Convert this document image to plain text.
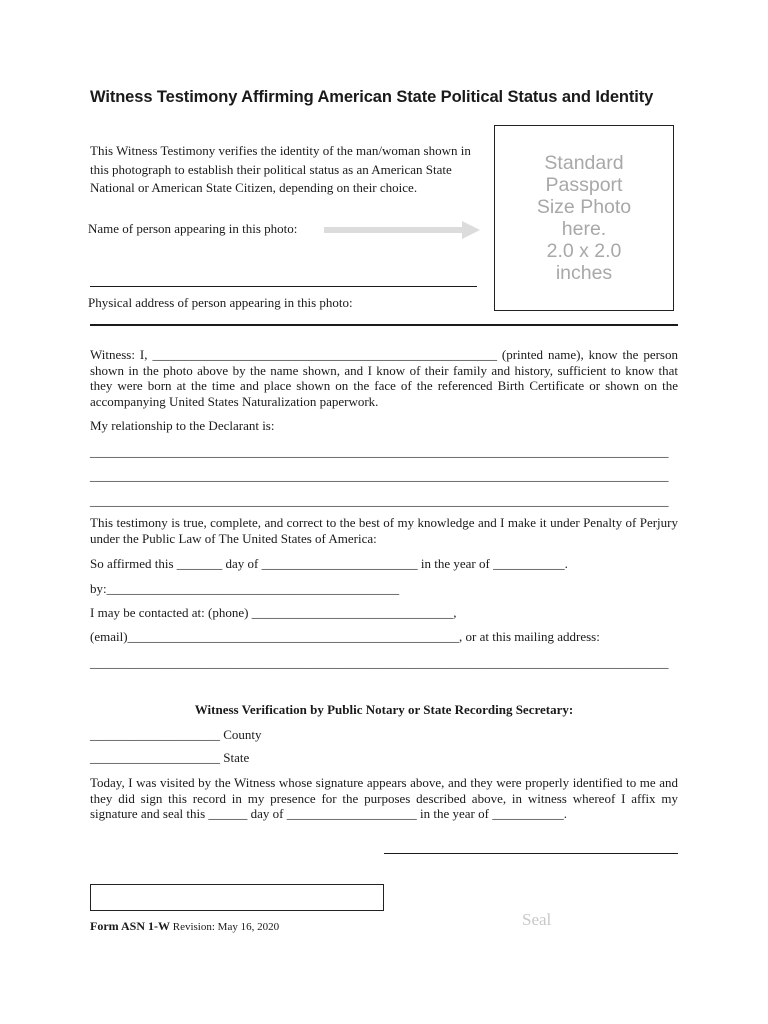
Witness Testimony Affirming American State Political Status and Identity
This Witness Testimony verifies the identity of the man/woman shown in this photograph to establish their political status as an American State National or American State Citizen, depending on their choice.
Name of person appearing in this photo:
Physical address of person appearing in this photo:
Standard
Passport
Size Photo
here.
2.0 x 2.0
inches
Witness: I, _____________________________________________________ (printed name), know the person shown in the photo above by the name shown, and I know of their family and history, sufficient to know that they were born at the time and place shown on the face of the referenced Birth Certificate or shown on the accompanying United States Naturalization paperwork.
My relationship to the Declarant is:
_________________________________________________________________________________________
_________________________________________________________________________________________
_________________________________________________________________________________________
This testimony is true, complete, and correct to the best of my knowledge and I make it under Penalty of Perjury under the Public Law of The United States of America:
So affirmed this _______ day of ________________________ in the year of ___________.
by:_____________________________________________
I may be contacted at: (phone) _______________________________,
(email)___________________________________________________, or at this mailing address:
_________________________________________________________________________________________
Witness Verification by Public Notary or State Recording Secretary:
____________________ County
____________________ State
Today, I was visited by the Witness whose signature appears above, and they were properly identified to me and they did sign this record in my presence for the purposes described above, in witness whereof I affix my signature and seal this ______ day of ____________________ in the year of ___________.
Form ASN 1-W Revision: May 16, 2020	Seal
